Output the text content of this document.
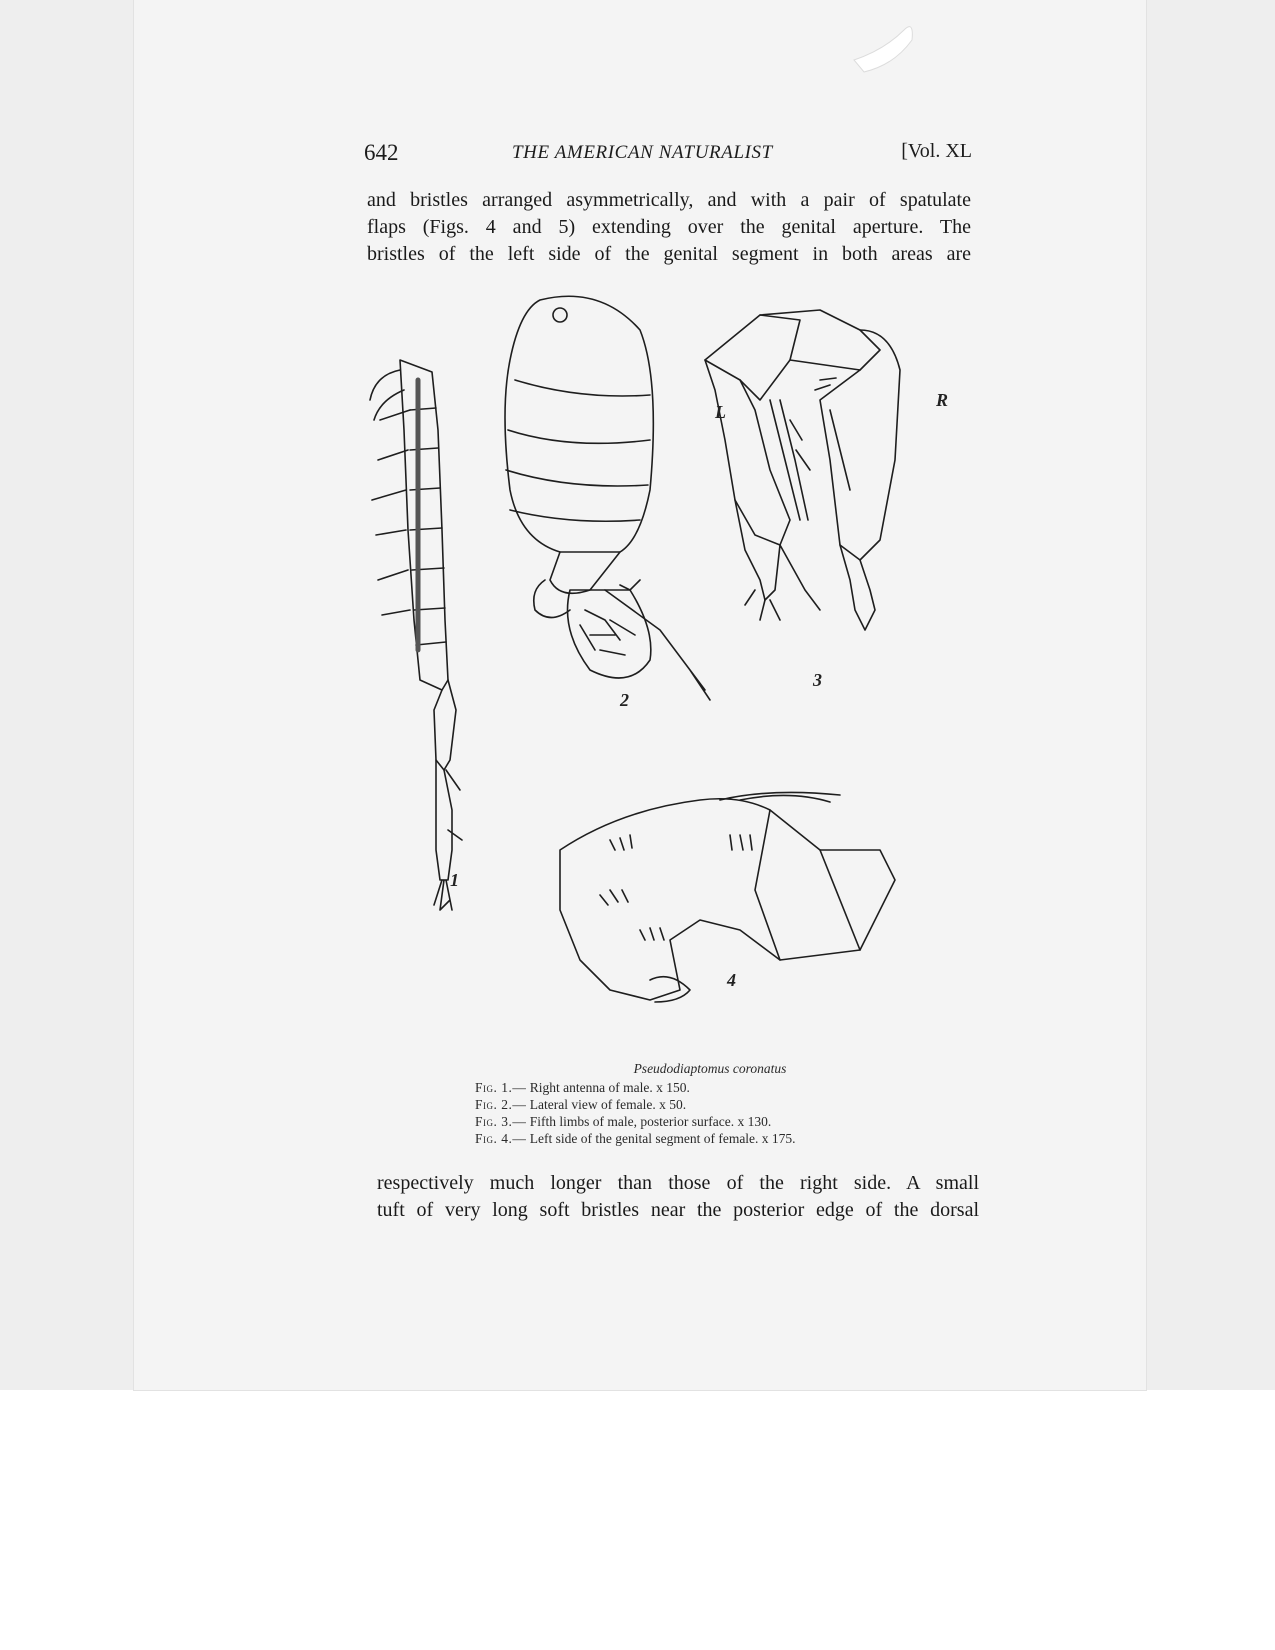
642	THE AMERICAN NATURALIST	[Vol. XL

and bristles arranged asymmetrically, and with a pair of spatulate

flaps (Figs. 4 and 5) extending over the genital aperture. The

bristles of the left side of the genital segment in both areas are

1
2
3
4
L
R
Pseudodiaptomus coronatus
Fig. 1.— Right antenna of male. x 150.
Fig. 2.— Lateral view of female. x 50.
Fig. 3.— Fifth limbs of male, posterior surface. x 130.
Fig. 4.— Left side of the genital segment of female. x 175.

respectively much longer than those of the right side. A small

tuft of very long soft bristles near the posterior edge of the dorsal
